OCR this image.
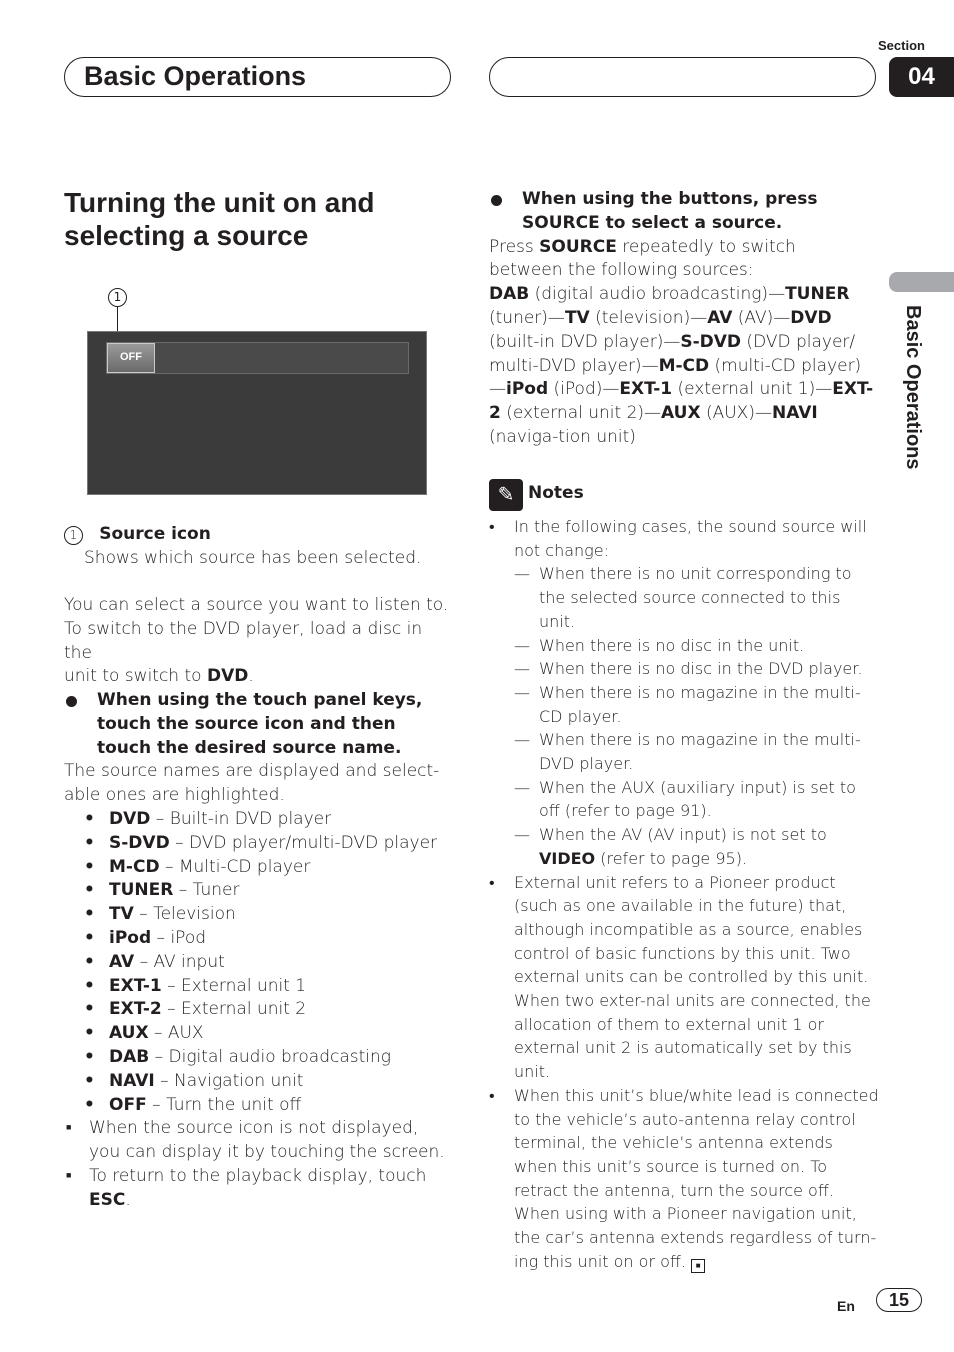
Basic Operations
Section
04
Basic Operations
Turning the unit on and selecting a source
1
OFF

1 Source icon

Shows which source has been selected.

You can select a source you want to listen to.

To switch to the DVD player, load a disc in the

unit to switch to DVD.

When using the touch panel keys, touch the source icon and then touch the desired source name.

The source names are displayed and select-able ones are highlighted.

• DVD – Built-in DVD player

• S-DVD – DVD player/multi-DVD player

• M-CD – Multi-CD player

• TUNER – Tuner

• TV – Television

• iPod – iPod

• AV – AV input

• EXT-1 – External unit 1

• EXT-2 – External unit 2

• AUX – AUX

• DAB – Digital audio broadcasting

• NAVI – Navigation unit

• OFF – Turn the unit off

■ When the source icon is not displayed, you can display it by touching the screen.

■ To return to the playback display, touch ESC.

When using the buttons, press SOURCE to select a source.

Press SOURCE repeatedly to switch between the following sources:

DAB (digital audio broadcasting)—TUNER (tuner)—TV (television)—AV (AV)—DVD (built-in DVD player)—S-DVD (DVD player/ multi-DVD player)—M-CD (multi-CD player) —iPod (iPod)—EXT-1 (external unit 1)—EXT-2 (external unit 2)—AUX (AUX)—NAVI (naviga-tion unit)

✎ Notes

• In the following cases, the sound source will not change:

— When there is no unit corresponding to the selected source connected to this unit.

— When there is no disc in the unit.

— When there is no disc in the DVD player.

— When there is no magazine in the multi-CD player.

— When there is no magazine in the multi-DVD player.

— When the AUX (auxiliary input) is set to off (refer to page 91).

— When the AV (AV input) is not set to VIDEO (refer to page 95).

• External unit refers to a Pioneer product (such as one available in the future) that, although incompatible as a source, enables control of basic functions by this unit. Two external units can be controlled by this unit. When two exter-nal units are connected, the allocation of them to external unit 1 or external unit 2 is automatically set by this unit.

• When this unit’s blue/white lead is connected to the vehicle’s auto-antenna relay control terminal, the vehicle’s antenna extends when this unit’s source is turned on. To retract the antenna, turn the source off.

When using with a Pioneer navigation unit, the car’s antenna extends regardless of turn-ing this unit on or off. ■

En	15
